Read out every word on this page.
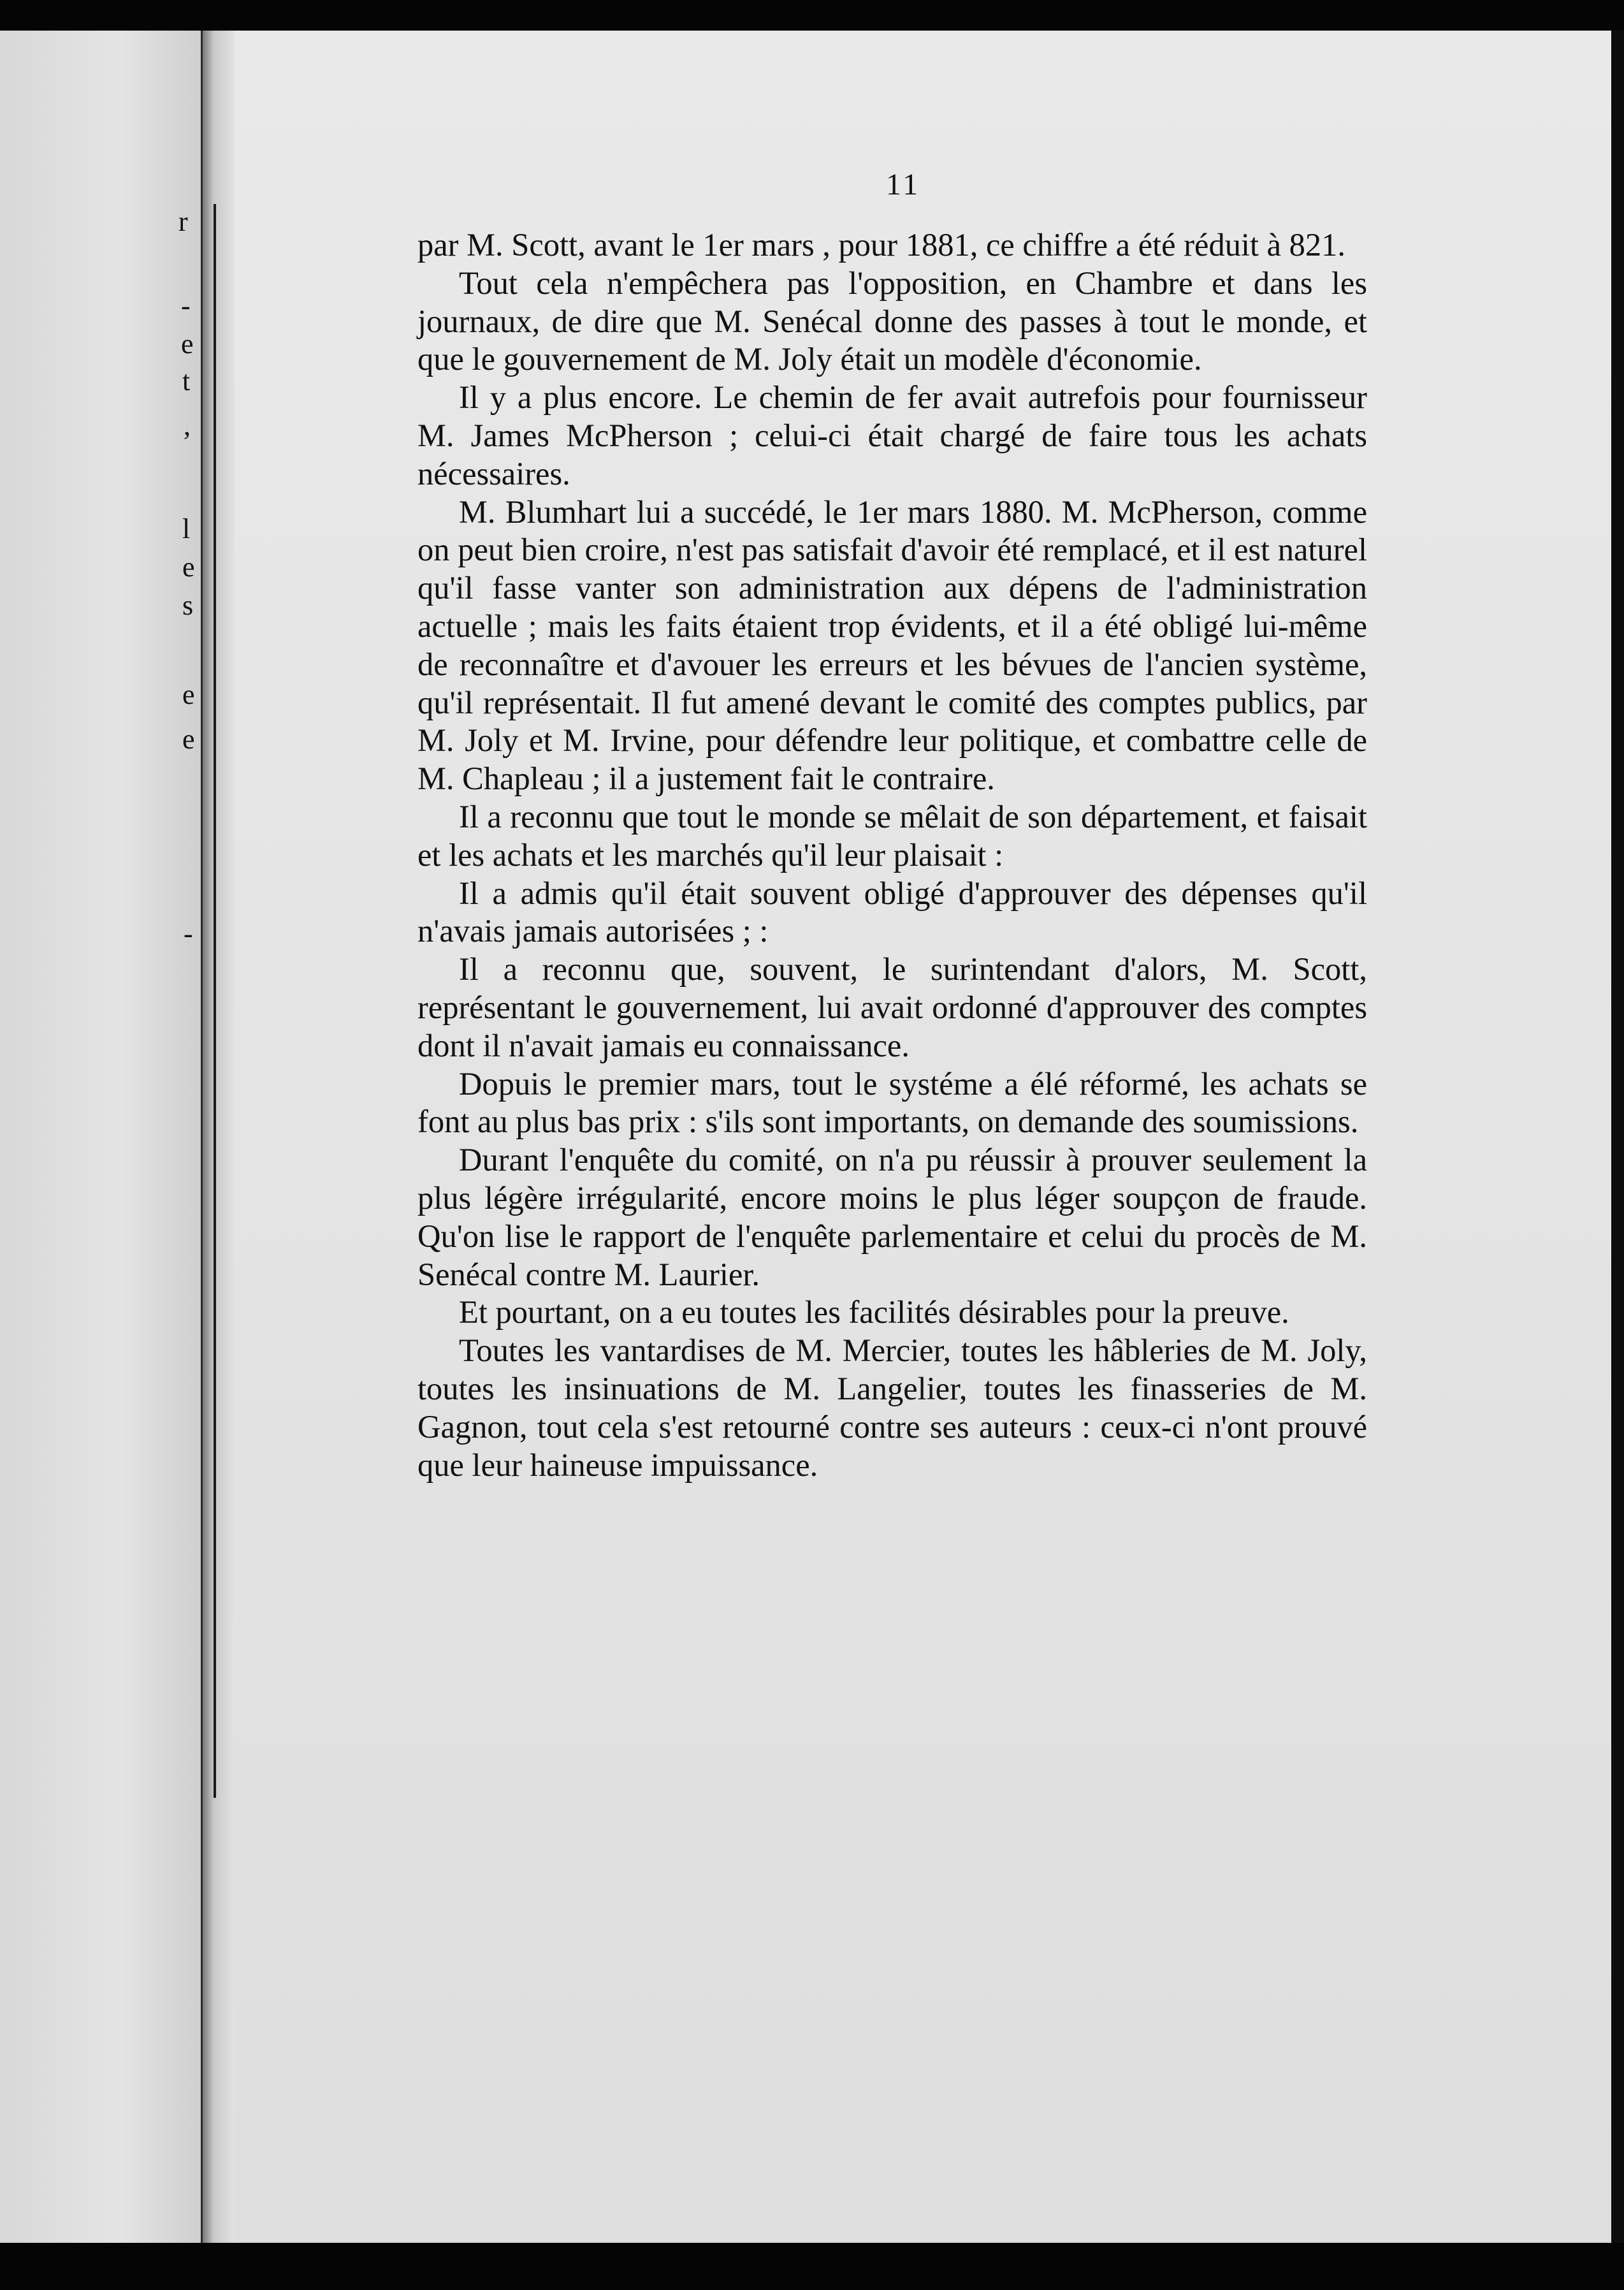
r
-
e
t
,
l
e
s
e
e
-
11

par M. Scott, avant le 1er mars , pour 1881, ce chiffre a été réduit à 821.

Tout cela n'empêchera pas l'opposition, en Chambre et dans les journaux, de dire que M. Senécal donne des passes à tout le monde, et que le gouvernement de M. Joly était un modèle d'économie.

Il y a plus encore. Le chemin de fer avait autrefois pour fournisseur M. James McPherson ; celui-ci était chargé de faire tous les achats nécessaires.

M. Blumhart lui a succédé, le 1er mars 1880. M. McPherson, comme on peut bien croire, n'est pas satisfait d'avoir été remplacé, et il est naturel qu'il fasse vanter son administration aux dépens de l'administration actuelle ; mais les faits étaient trop évidents, et il a été obligé lui-même de reconnaître et d'avouer les erreurs et les bévues de l'ancien système, qu'il représentait. Il fut amené devant le comité des comptes publics, par M. Joly et M. Irvine, pour défendre leur politique, et combattre celle de M. Chapleau ; il a justement fait le contraire.

Il a reconnu que tout le monde se mêlait de son département, et faisait et les achats et les marchés qu'il leur plaisait :

Il a admis qu'il était souvent obligé d'approuver des dépenses qu'il n'avais jamais autorisées ; :

Il a reconnu que, souvent, le surintendant d'alors, M. Scott, représentant le gouvernement, lui avait ordonné d'approuver des comptes dont il n'avait jamais eu connaissance.

Dopuis le premier mars, tout le systéme a élé réformé, les achats se font au plus bas prix : s'ils sont importants, on demande des soumissions.

Durant l'enquête du comité, on n'a pu réussir à prouver seulement la plus légère irrégularité, encore moins le plus léger soupçon de fraude. Qu'on lise le rapport de l'enquête parlementaire et celui du procès de M. Senécal contre M. Laurier.

Et pourtant, on a eu toutes les facilités désirables pour la preuve.

Toutes les vantardises de M. Mercier, toutes les hâbleries de M. Joly, toutes les insinuations de M. Langelier, toutes les finasseries de M. Gagnon, tout cela s'est retourné contre ses auteurs : ceux-ci n'ont prouvé que leur haineuse impuissance.
